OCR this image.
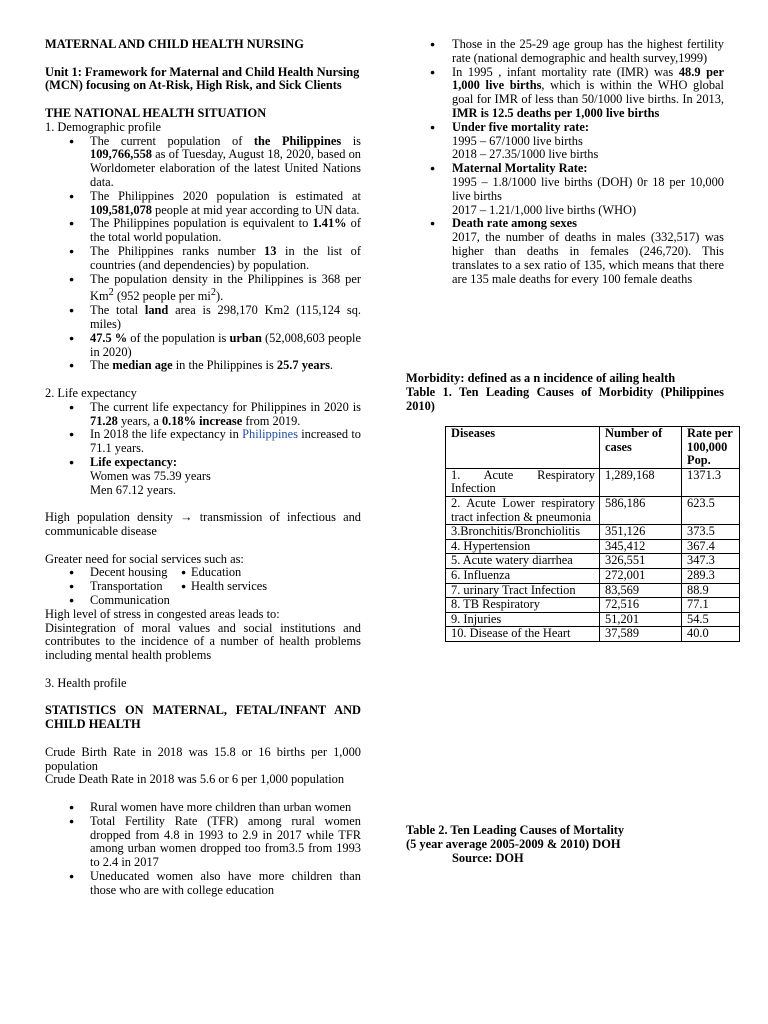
MATERNAL AND CHILD HEALTH NURSING

Unit 1: Framework for Maternal and Child Health Nursing (MCN) focusing on At-Risk, High Risk, and Sick Clients

THE NATIONAL HEALTH SITUATION

1. Demographic profile

● The current population of the Philippines is 109,766,558 as of Tuesday, August 18, 2020, based on Worldometer elaboration of the latest United Nations data.
● The Philippines 2020 population is estimated at 109,581,078 people at mid year according to UN data.
● The Philippines population is equivalent to 1.41% of the total world population.
● The Philippines ranks number 13 in the list of countries (and dependencies) by population.
● The population density in the Philippines is 368 per Km$^2$ (952 people per $mi^2$).
● The total land area is 298,170 Km2 (115,124 sq. miles)
● 47.5 % of the population is urban (52,008,603 people in 2020)
● The median age in the Philippines is 25.7 years.

2. Life expectancy

● The current life expectancy for Philippines in 2020 is 71.28 years, a 0.18% increase from 2019.
● In 2018 the life expectancy in Philippines increased to 71.1 years.
● Life expectancy:
Women was 75.39 years
Men 67.12 years.

High population density → transmission of infectious and communicable disease

Greater need for social services such as:

● Decent housing
● Transportation
● Communication
● Education
● Health services

High level of stress in congested areas leads to:

Disintegration of moral values and social institutions and contributes to the incidence of a number of health problems including mental health problems

3. Health profile

STATISTICS ON MATERNAL, FETAL/INFANT AND CHILD HEALTH

Crude Birth Rate in 2018 was 15.8 or 16 births per 1,000 population

Crude Death Rate in 2018 was 5.6 or 6 per 1,000 population

● Rural women have more children than urban women
● Total Fertility Rate (TFR) among rural women dropped from 4.8 in 1993 to 2.9 in 2017 while TFR among urban women dropped too from3.5 from 1993 to 2.4 in 2017
● Uneducated women also have more children than those who are with college education
● Those in the 25-29 age group has the highest fertility rate (national demographic and health survey,1999)
● In 1995 , infant mortality rate (IMR) was 48.9 per 1,000 live births, which is within the WHO global goal for IMR of less than 50/1000 live births. In 2013, IMR is 12.5 deaths per 1,000 live births
● Under five mortality rate:
1995 – 67/1000 live births
2018 – 27.35/1000 live births
● Maternal Mortality Rate:
1995 – 1.8/1000 live births (DOH) 0r 18 per 10,000 live births
2017 – 1.21/1,000 live births (WHO)
● Death rate among sexes
2017, the number of deaths in males (332,517) was higher than deaths in females (246,720). This translates to a sex ratio of 135, which means that there are 135 male deaths for every 100 female deaths

Morbidity: defined as a n incidence of ailing health

Table 1. Ten Leading Causes of Morbidity (Philippines 2010)

Diseases	Number of cases	Rate per 100,000 Pop.
1. Acute Respiratory Infection	1,289,168	1371.3
2. Acute Lower respiratory tract infection & pneumonia	586,186	623.5
3.Bronchitis/Bronchiolitis	351,126	373.5
4. Hypertension	345,412	367.4
5. Acute watery diarrhea	326,551	347.3
6. Influenza	272,001	289.3
7. urinary Tract Infection	83,569	88.9
8. TB Respiratory	72,516	77.1
9. Injuries	51,201	54.5
10. Disease of the Heart	37,589	40.0

Table 2. Ten Leading Causes of Mortality

(5 year average 2005-2009 & 2010) DOH

Source: DOH
